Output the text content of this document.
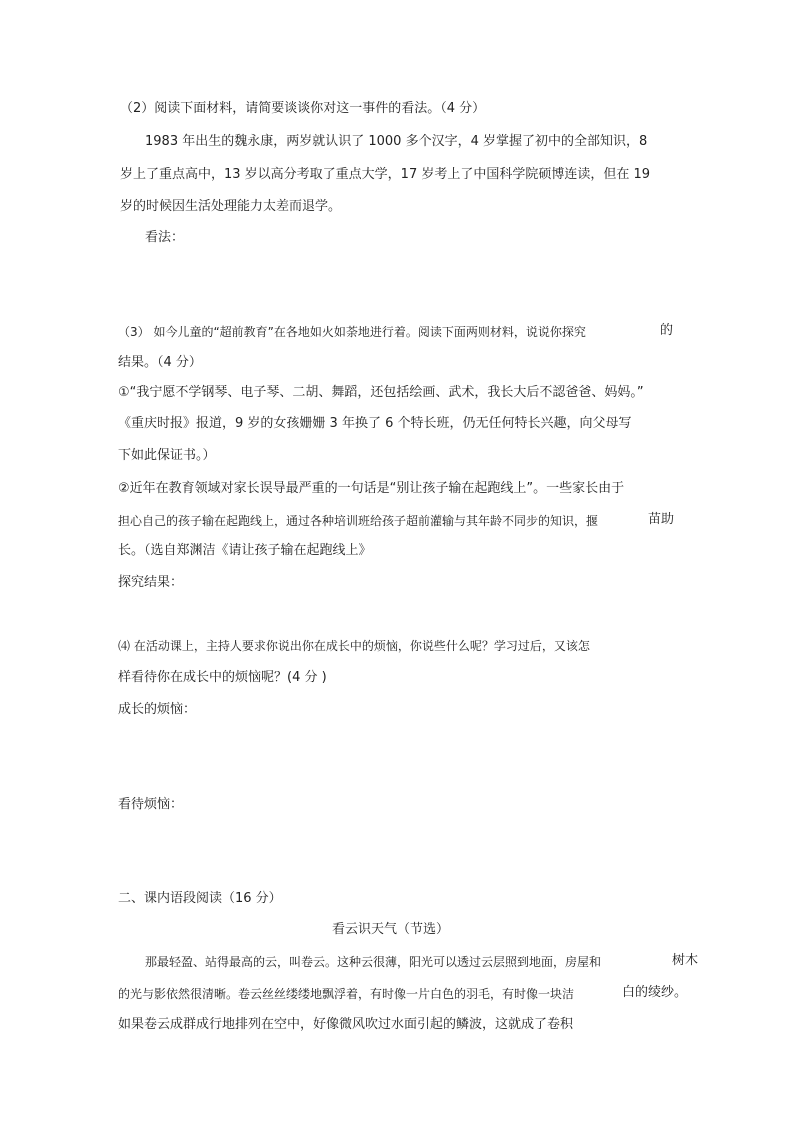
（2）阅读下面材料，请简要谈谈你对这一事件的看法。（4 分）
1983 年出生的魏永康，两岁就认识了 1000 多个汉字，4 岁掌握了初中的全部知识，8
岁上了重点高中，13 岁以高分考取了重点大学，17 岁考上了中国科学院硕博连读，但在 19
岁的时候因生活处理能力太差而退学。
看法：
（3） 如今儿童的“超前教育”在各地如火如荼地进行着。阅读下面两则材料，说说你探究	的
结果。（4 分）
①“我宁愿不学钢琴、电子琴、二胡、舞蹈，还包括绘画、武术，我长大后不認爸爸、妈妈。”
《重庆时报》报道，9 岁的女孩姗姗 3 年换了 6 个特长班，仍无任何特长兴趣，向父母写
下如此保证书。）
②近年在教育领域对家长误导最严重的一句话是“别让孩子输在起跑线上”。一些家长由于
担心自己的孩子输在起跑线上，通过各种培训班给孩子超前灌输与其年龄不同步的知识，揠	苗助
长。（选自郑渊洁《请让孩子输在起跑线上》
探究结果：
⑷ 在活动课上，主持人要求你说出你在成长中的烦恼，你说些什么呢？学习过后，又该怎
样看待你在成长中的烦恼呢？(4 分 )
成长的烦恼：
看待烦恼：
二、课内语段阅读（16 分）
看云识天气（节选）
那最轻盈、站得最高的云，叫卷云。这种云很薄，阳光可以透过云层照到地面，房屋和	树木
的光与影依然很清晰。卷云丝丝缕缕地飘浮着，有时像一片白色的羽毛，有时像一块洁	白的绫纱。
如果卷云成群成行地排列在空中，好像微风吹过水面引起的鳞波，这就成了卷积
